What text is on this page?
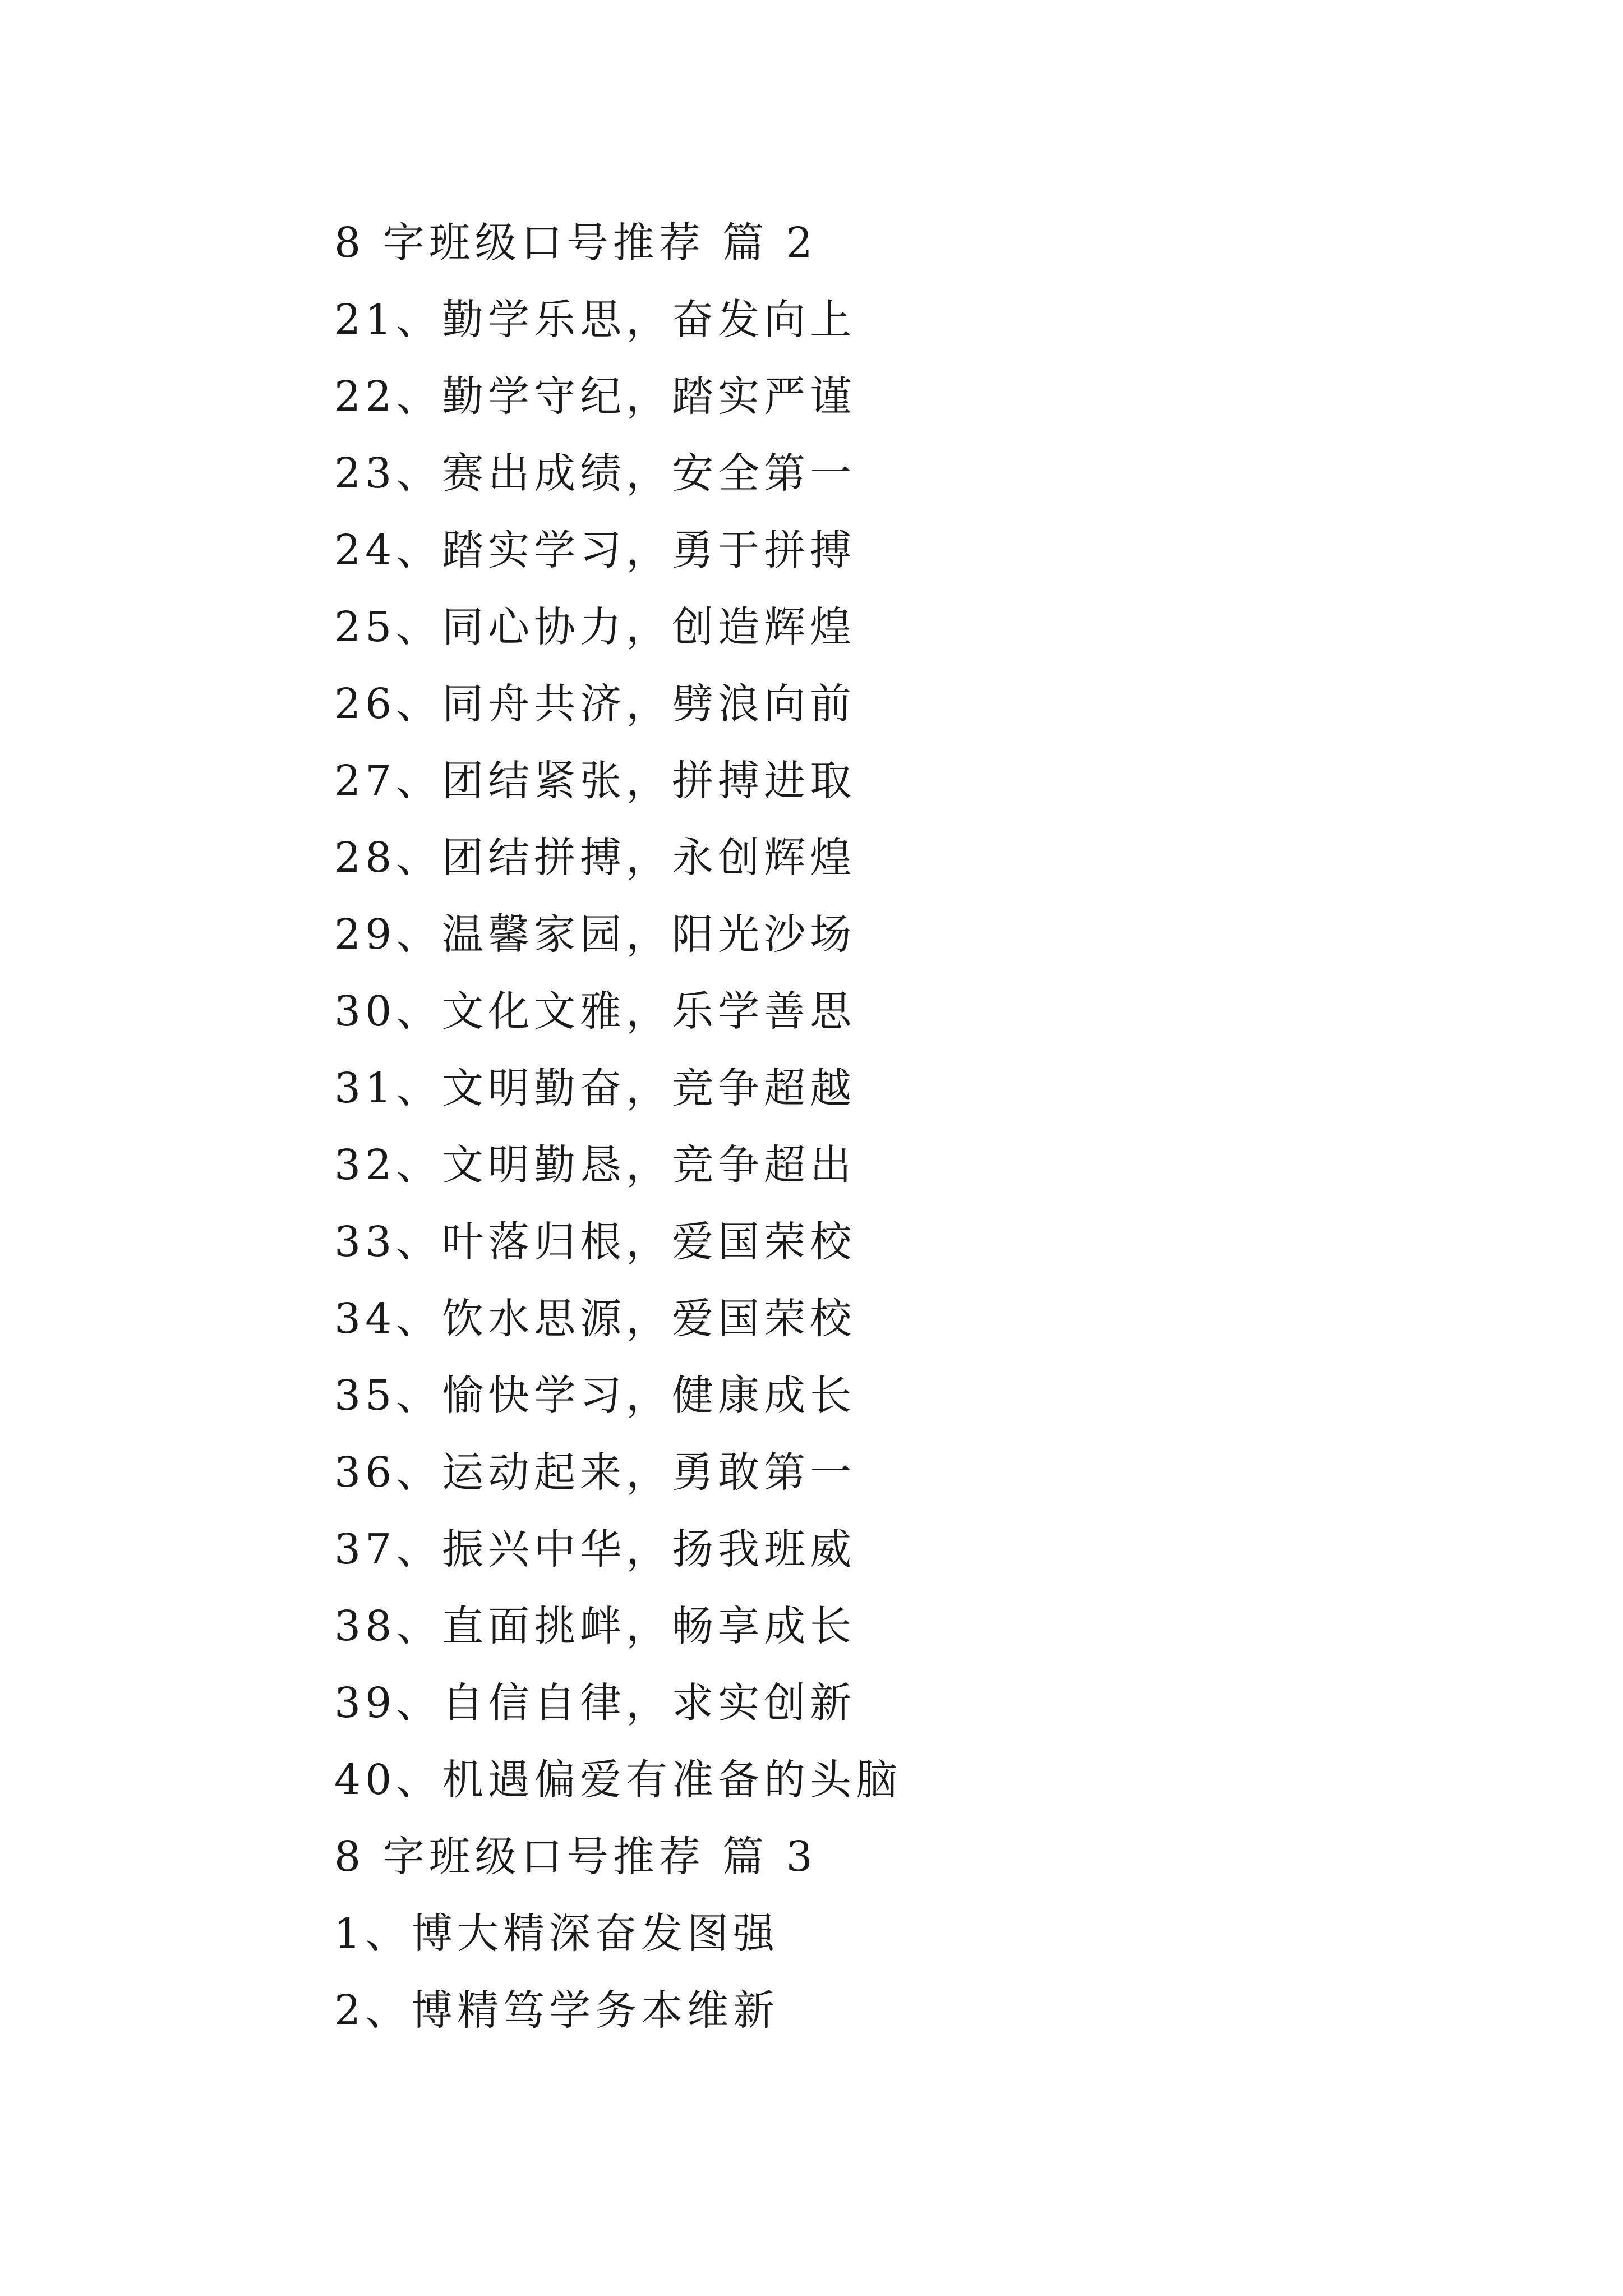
8 字班级口号推荐 篇 2
21、勤学乐思，奋发向上
22、勤学守纪，踏实严谨
23、赛出成绩，安全第一
24、踏实学习，勇于拼搏
25、同心协力，创造辉煌
26、同舟共济，劈浪向前
27、团结紧张，拼搏进取
28、团结拼搏，永创辉煌
29、温馨家园，阳光沙场
30、文化文雅，乐学善思
31、文明勤奋，竞争超越
32、文明勤恳，竞争超出
33、叶落归根，爱国荣校
34、饮水思源，爱国荣校
35、愉快学习，健康成长
36、运动起来，勇敢第一
37、振兴中华，扬我班威
38、直面挑衅，畅享成长
39、自信自律，求实创新
40、机遇偏爱有准备的头脑
8 字班级口号推荐 篇 3
1、博大精深奋发图强
2、博精笃学务本维新
